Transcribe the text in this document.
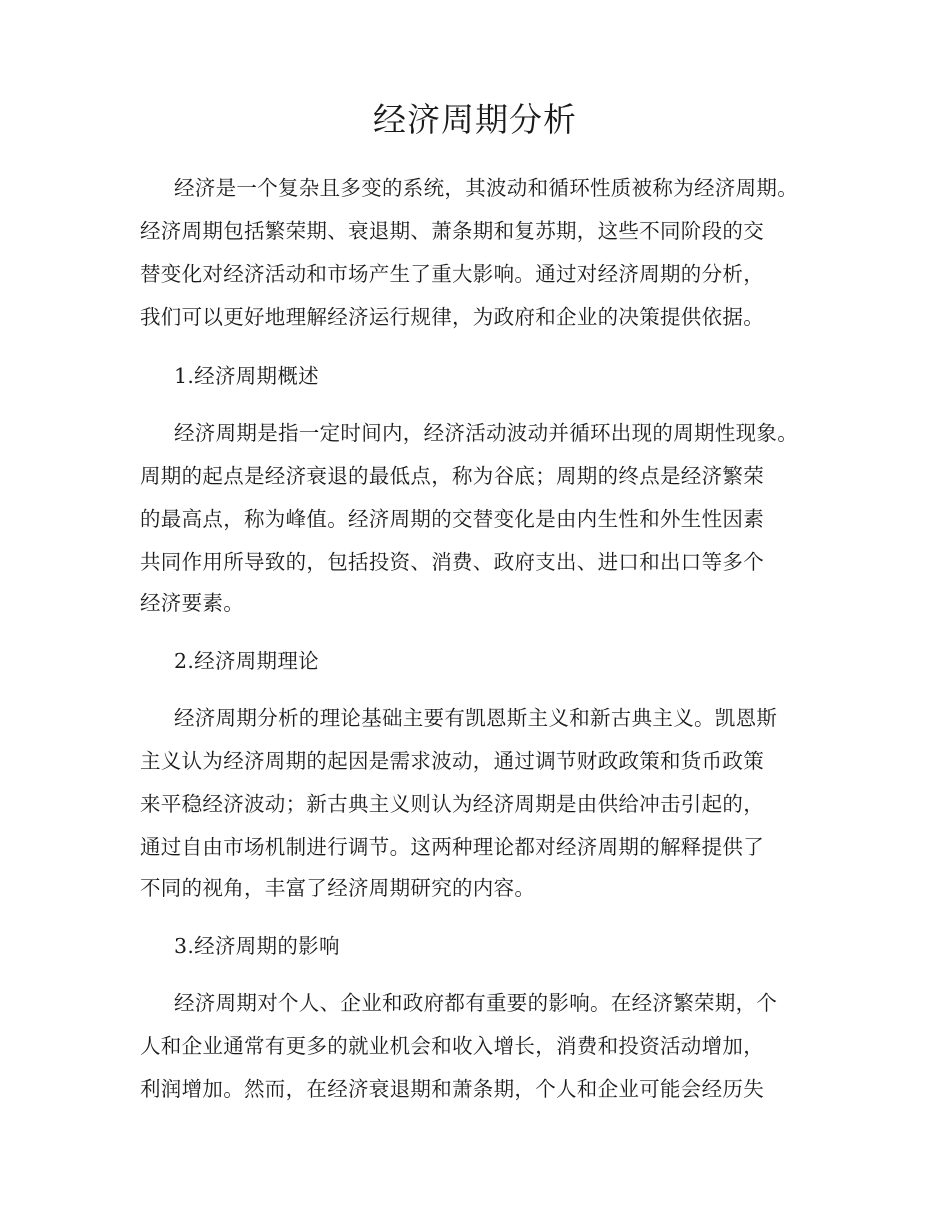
经济周期分析
经济是一个复杂且多变的系统，其波动和循环性质被称为经济周期。
经济周期包括繁荣期、衰退期、萧条期和复苏期，这些不同阶段的交
替变化对经济活动和市场产生了重大影响。通过对经济周期的分析，
我们可以更好地理解经济运行规律，为政府和企业的决策提供依据。
1.经济周期概述
经济周期是指一定时间内，经济活动波动并循环出现的周期性现象。
周期的起点是经济衰退的最低点，称为谷底；周期的终点是经济繁荣
的最高点，称为峰值。经济周期的交替变化是由内生性和外生性因素
共同作用所导致的，包括投资、消费、政府支出、进口和出口等多个
经济要素。
2.经济周期理论
经济周期分析的理论基础主要有凯恩斯主义和新古典主义。凯恩斯
主义认为经济周期的起因是需求波动，通过调节财政政策和货币政策
来平稳经济波动；新古典主义则认为经济周期是由供给冲击引起的，
通过自由市场机制进行调节。这两种理论都对经济周期的解释提供了
不同的视角，丰富了经济周期研究的内容。
3.经济周期的影响
经济周期对个人、企业和政府都有重要的影响。在经济繁荣期，个
人和企业通常有更多的就业机会和收入增长，消费和投资活动增加，
利润增加。然而，在经济衰退期和萧条期，个人和企业可能会经历失
